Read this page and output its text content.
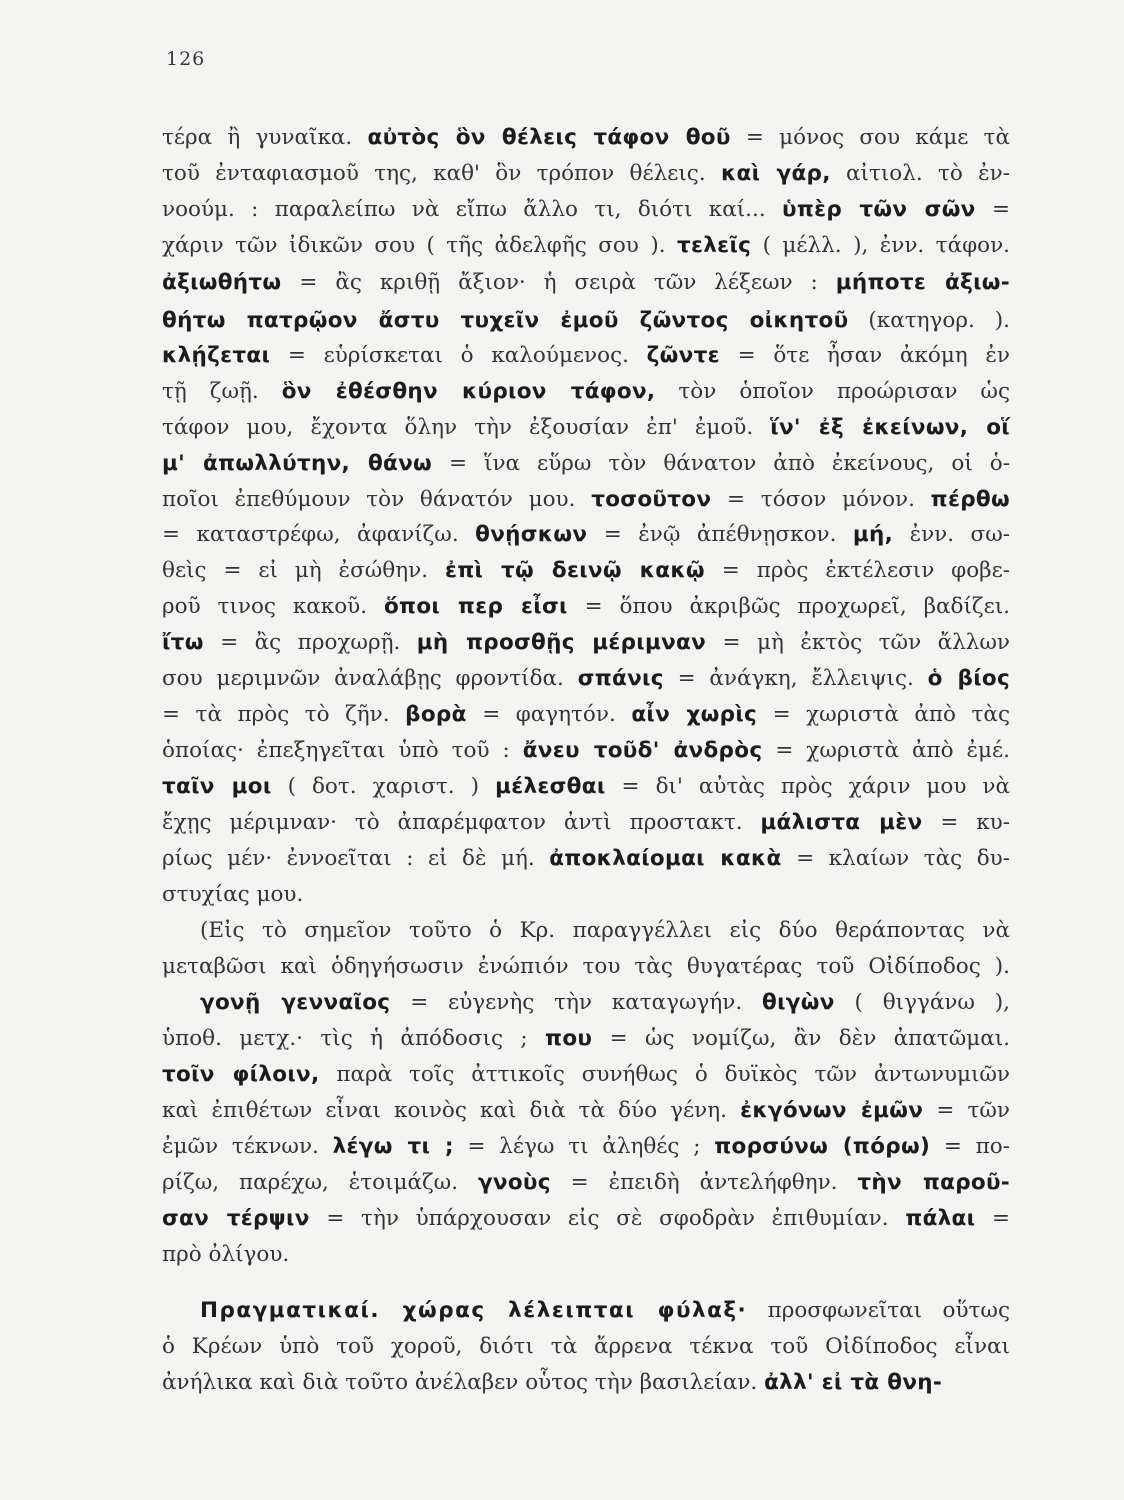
126
τέρα ἢ γυναῖκα. αὐτὸς ὃν θέλεις τάφον θοῦ = μόνος σου κάμε τὰ
τοῦ ἐνταφιασμοῦ της, καθ' ὃν τρόπον θέλεις. καὶ γάρ, αἰτιολ. τὸ ἐν-
νοούμ. : παραλείπω νὰ εἴπω ἄλλο τι, διότι καί... ὑπὲρ τῶν σῶν =
χάριν τῶν ἰδικῶν σου ( τῆς ἀδελφῆς σου ). τελεῖς ( μέλλ. ), ἐνν. τάφον.
ἀξιωθήτω = ἂς κριθῇ ἄξιον· ἡ σειρὰ τῶν λέξεων : μήποτε ἀξιω-
θήτω πατρῷον ἄστυ τυχεῖν ἐμοῦ ζῶντος οἰκητοῦ (κατηγορ. ).
κλῄζεται = εὑρίσκεται ὁ καλούμενος. ζῶντε = ὅτε ἦσαν ἀκόμη ἐν
τῇ ζωῇ. ὃν ἐθέσθην κύριον τάφον, τὸν ὁποῖον προώρισαν ὡς
τάφον μου, ἔχοντα ὅλην τὴν ἐξουσίαν ἐπ' ἐμοῦ. ἵν' ἐξ ἐκείνων, οἵ
μ' ἀπωλλύτην, θάνω = ἵνα εὕρω τὸν θάνατον ἀπὸ ἐκείνους, οἱ ὁ-
ποῖοι ἐπεθύμουν τὸν θάνατόν μου. τοσοῦτον = τόσον μόνον. πέρθω
= καταστρέφω, ἀφανίζω. θνῄσκων = ἐνῷ ἀπέθνῃσκον. μή, ἐνν. σω-
θεὶς = εἰ μὴ ἐσώθην. ἐπὶ τῷ δεινῷ κακῷ = πρὸς ἐκτέλεσιν φοβε-
ροῦ τινος κακοῦ. ὅποι περ εἶσι = ὅπου ἀκριβῶς προχωρεῖ, βαδίζει.
ἴτω = ἂς προχωρῇ. μὴ προσθῇς μέριμναν = μὴ ἐκτὸς τῶν ἄλλων
σου μεριμνῶν ἀναλάβῃς φροντίδα. σπάνις = ἀνάγκη, ἔλλειψις. ὁ βίος
= τὰ πρὸς τὸ ζῆν. βορὰ = φαγητόν. αἶν χωρὶς = χωριστὰ ἀπὸ τὰς
ὁποίας· ἐπεξηγεῖται ὑπὸ τοῦ : ἄνευ τοῦδ' ἀνδρὸς = χωριστὰ ἀπὸ ἐμέ.
ταῖν μοι ( δοτ. χαριστ. ) μέλεσθαι = δι' αὐτὰς πρὸς χάριν μου νὰ
ἔχῃς μέριμναν· τὸ ἀπαρέμφατον ἀντὶ προστακτ. μάλιστα μὲν = κυ-
ρίως μέν· ἐννοεῖται : εἰ δὲ μή. ἀποκλαίομαι κακὰ = κλαίων τὰς δυ-
στυχίας μου.
(Εἰς τὸ σημεῖον τοῦτο ὁ Κρ. παραγγέλλει εἰς δύο θεράποντας νὰ
μεταβῶσι καὶ ὁδηγήσωσιν ἐνώπιόν του τὰς θυγατέρας τοῦ Οἰδίποδος ).
γονῇ γενναῖος = εὐγενὴς τὴν καταγωγήν. θιγὼν ( θιγγάνω ),
ὑποθ. μετχ.· τὶς ἡ ἀπόδοσις ; που = ὡς νομίζω, ἂν δὲν ἀπατῶμαι.
τοῖν φίλοιν, παρὰ τοῖς ἀττικοῖς συνήθως ὁ δυϊκὸς τῶν ἀντωνυμιῶν
καὶ ἐπιθέτων εἶναι κοινὸς καὶ διὰ τὰ δύο γένη. ἐκγόνων ἐμῶν = τῶν
ἐμῶν τέκνων. λέγω τι ; = λέγω τι ἀληθές ; πορσύνω (πόρω) = πο-
ρίζω, παρέχω, ἑτοιμάζω. γνοὺς = ἐπειδὴ ἀντελήφθην. τὴν παροῦ-
σαν τέρψιν = τὴν ὑπάρχουσαν εἰς σὲ σφοδρὰν ἐπιθυμίαν. πάλαι =
πρὸ ὀλίγου.
Πραγματικαί. χώρας λέλειπται φύλαξ· προσφωνεῖται οὕτως
ὁ Κρέων ὑπὸ τοῦ χοροῦ, διότι τὰ ἄρρενα τέκνα τοῦ Οἰδίποδος εἶναι
ἀνήλικα καὶ διὰ τοῦτο ἀνέλαβεν οὗτος τὴν βασιλείαν. ἀλλ' εἰ τὰ θνη-
